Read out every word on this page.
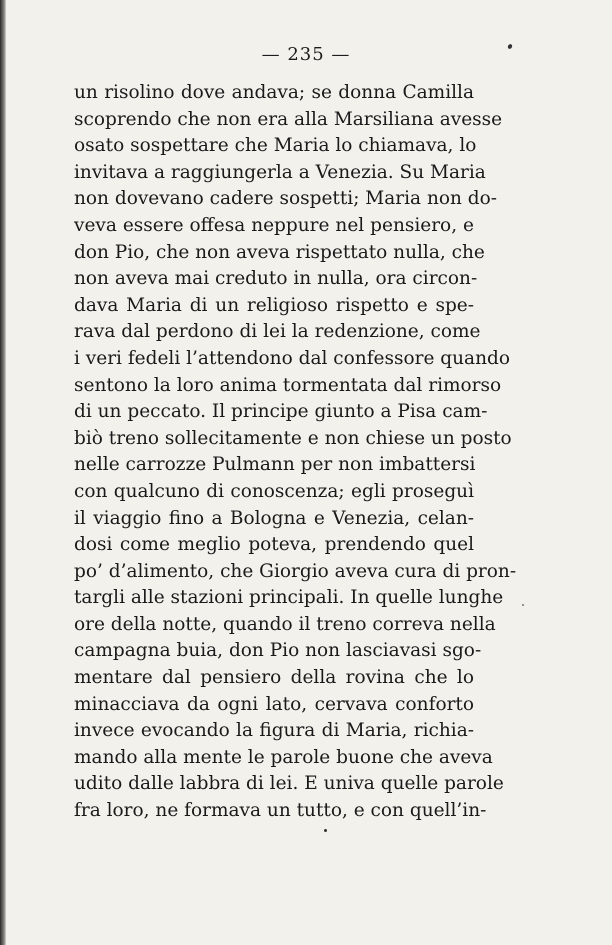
— 235 —
un risolino dove andava; se donna Camilla
scoprendo che non era alla Marsiliana avesse
osato sospettare che Maria lo chiamava, lo
invitava a raggiungerla a Venezia. Su Maria
non dovevano cadere sospetti; Maria non do-
veva essere offesa neppure nel pensiero, e
don Pio, che non aveva rispettato nulla, che
non aveva mai creduto in nulla, ora circon-
dava Maria di un religioso rispetto e spe-
rava dal perdono di lei la redenzione, come
i veri fedeli l’attendono dal confessore quando
sentono la loro anima tormentata dal rimorso
di un peccato. Il principe giunto a Pisa cam-
biò treno sollecitamente e non chiese un posto
nelle carrozze Pulmann per non imbattersi
con qualcuno di conoscenza; egli proseguì
il viaggio fino a Bologna e Venezia, celan-
dosi come meglio poteva, prendendo quel
po’ d’alimento, che Giorgio aveva cura di pron-
targli alle stazioni principali. In quelle lunghe
ore della notte, quando il treno correva nella
campagna buia, don Pio non lasciavasi sgo-
mentare dal pensiero della rovina che lo
minacciava da ogni lato, cervava conforto
invece evocando la figura di Maria, richia-
mando alla mente le parole buone che aveva
udito dalle labbra di lei. E univa quelle parole
fra loro, ne formava un tutto, e con quell’in-
